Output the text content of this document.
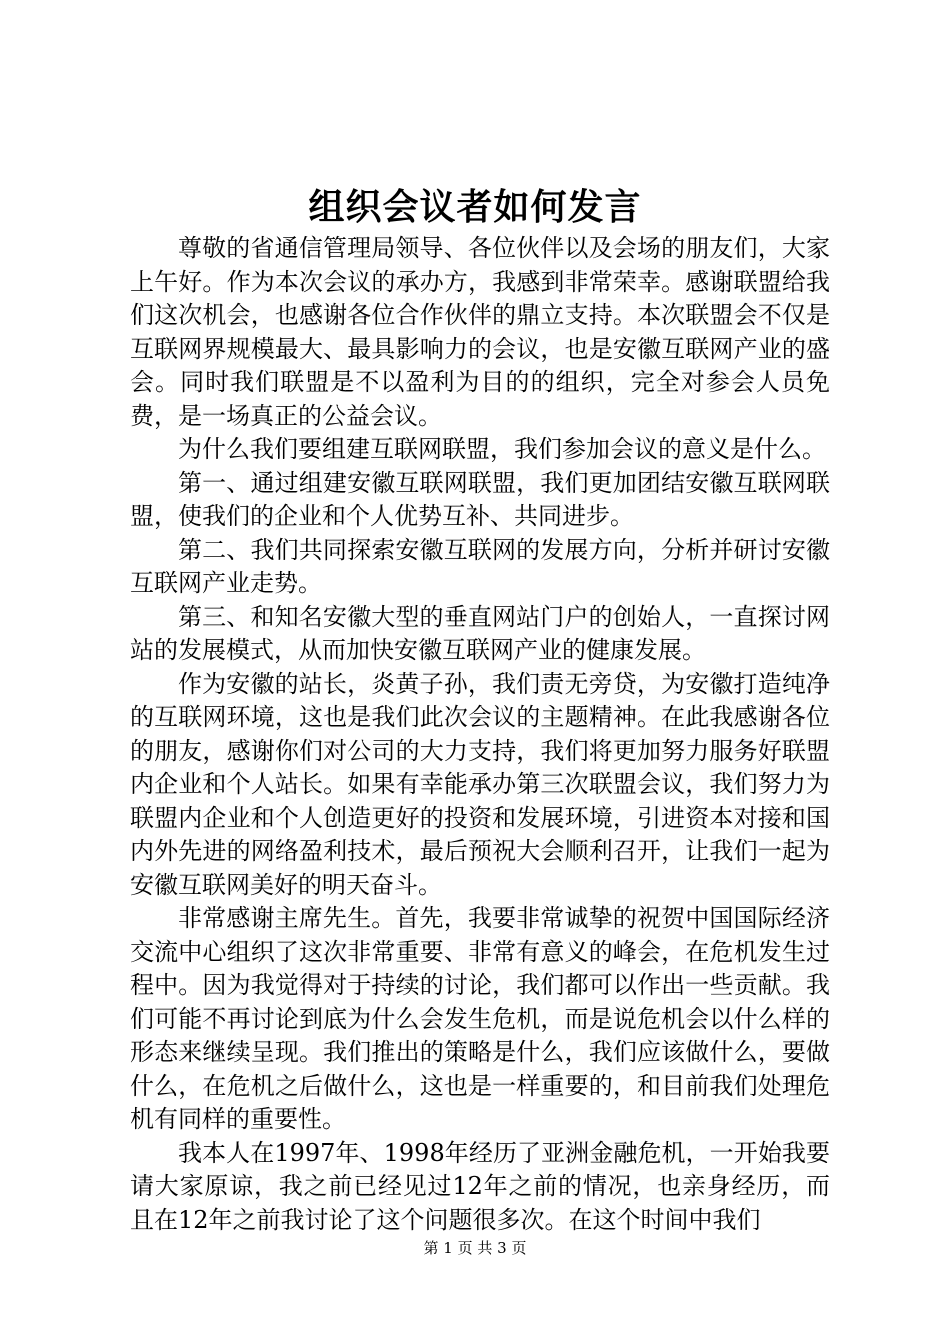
组织会议者如何发言

尊敬的省通信管理局领导、各位伙伴以及会场的朋友们，大家上午好。作为本次会议的承办方，我感到非常荣幸。感谢联盟给我们这次机会，也感谢各位合作伙伴的鼎立支持。本次联盟会不仅是互联网界规模最大、最具影响力的会议，也是安徽互联网产业的盛会。同时我们联盟是不以盈利为目的的组织，完全对参会人员免费，是一场真正的公益会议。

为什么我们要组建互联网联盟，我们参加会议的意义是什么。

第一、通过组建安徽互联网联盟，我们更加团结安徽互联网联盟，使我们的企业和个人优势互补、共同进步。

第二、我们共同探索安徽互联网的发展方向，分析并研讨安徽互联网产业走势。

第三、和知名安徽大型的垂直网站门户的创始人，一直探讨网站的发展模式，从而加快安徽互联网产业的健康发展。

作为安徽的站长，炎黄子孙，我们责无旁贷，为安徽打造纯净的互联网环境，这也是我们此次会议的主题精神。在此我感谢各位的朋友，感谢你们对公司的大力支持，我们将更加努力服务好联盟内企业和个人站长。如果有幸能承办第三次联盟会议，我们努力为联盟内企业和个人创造更好的投资和发展环境，引进资本对接和国内外先进的网络盈利技术，最后预祝大会顺利召开，让我们一起为安徽互联网美好的明天奋斗。

非常感谢主席先生。首先，我要非常诚挚的祝贺中国国际经济交流中心组织了这次非常重要、非常有意义的峰会，在危机发生过程中。因为我觉得对于持续的讨论，我们都可以作出一些贡献。我们可能不再讨论到底为什么会发生危机，而是说危机会以什么样的形态来继续呈现。我们推出的策略是什么，我们应该做什么，要做什么，在危机之后做什么，这也是一样重要的，和目前我们处理危机有同样的重要性。

我本人在1997年、1998年经历了亚洲金融危机，一开始我要请大家原谅，我之前已经见过12年之前的情况，也亲身经历，而且在12年之前我讨论了这个问题很多次。在这个时间中我们

第 1 页 共 3 页
